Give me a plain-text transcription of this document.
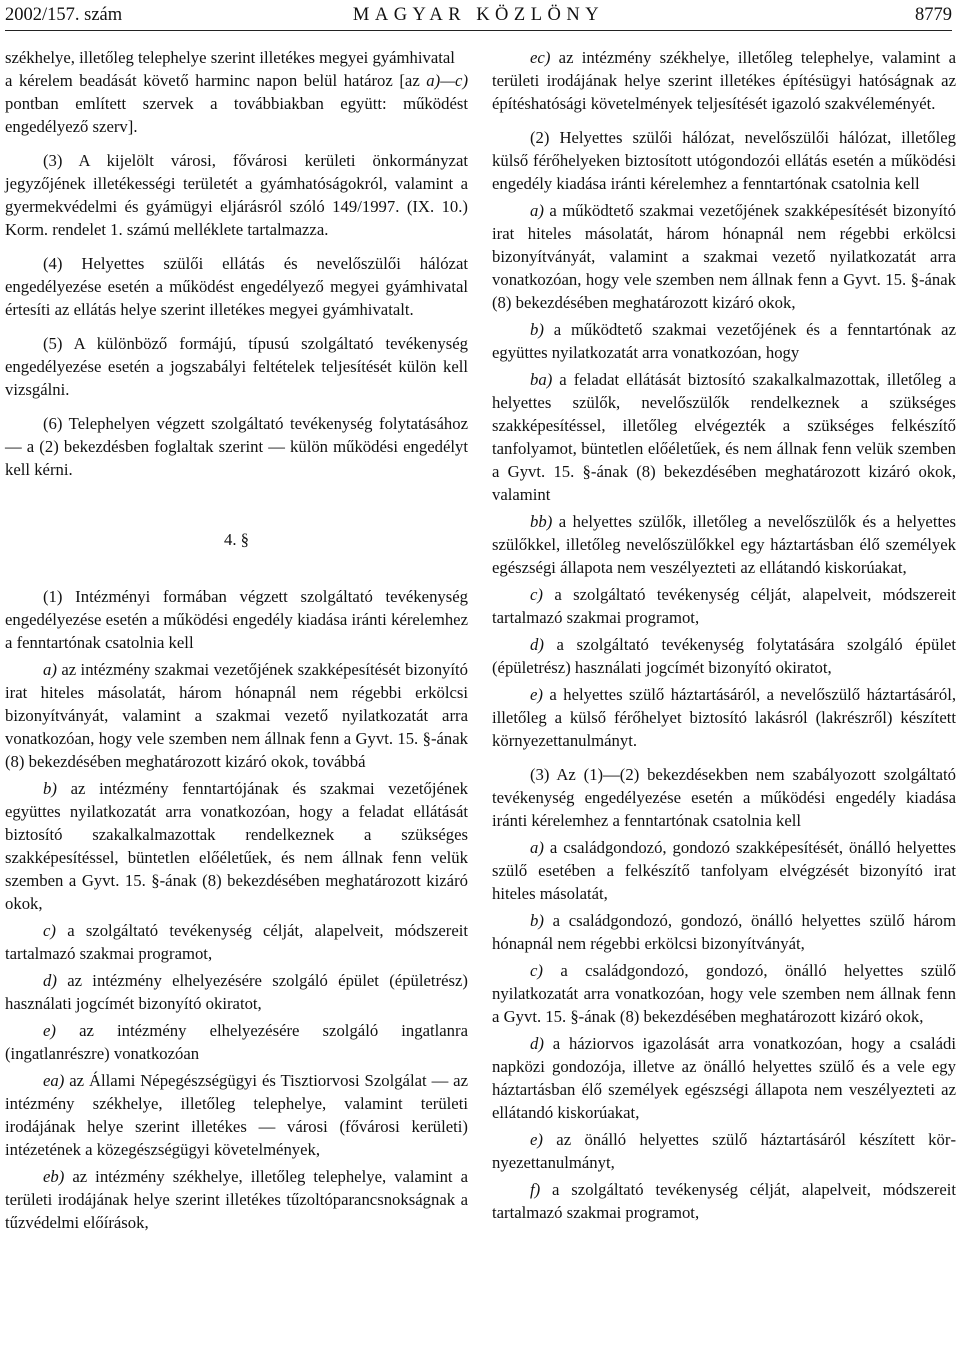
2002/157. szám	MAGYAR KÖZLÖNY	8779

székhelye, illetőleg telephelye szerint illetékes megyei gyámhivatal

a kérelem beadását követő harminc napon belül határoz [az a)—c) pontban említett szervek a továbbiakban együtt: működést engedélyező szerv].

(3) A kijelölt városi, fővárosi kerületi önkormányzat jegyzőjének illetékességi területét a gyámhatóságokról, valamint a gyermekvédelmi és gyámügyi eljárásról szóló 149/1997. (IX. 10.) Korm. rendelet 1. számú melléklete tartalmazza.

(4) Helyettes szülői ellátás és nevelőszülői hálózat engedélyezése esetén a működést engedélyező megyei gyámhivatal értesíti az ellátás helye szerint illetékes megyei gyámhivatalt.

(5) A különböző formájú, típusú szolgáltató tevékenység engedélyezése esetén a jogszabályi feltételek teljesítését külön kell vizsgálni.

(6) Telephelyen végzett szolgáltató tevékenység folytatásához — a (2) bekezdésben foglaltak szerint — külön működési engedélyt kell kérni.

4. §

(1) Intézményi formában végzett szolgáltató tevékenység engedélyezése esetén a működési engedély kiadása iránti kérelemhez a fenntartónak csatolnia kell

a) az intézmény szakmai vezetőjének szakképesítését bizonyító irat hiteles másolatát, három hónapnál nem régebbi erkölcsi bizonyítványát, valamint a szakmai vezető nyilatkozatát arra vonatkozóan, hogy vele szemben nem állnak fenn a Gyvt. 15. §-ának (8) bekezdésében meghatározott kizáró okok, továbbá

b) az intézmény fenntartójának és szakmai vezetőjének együttes nyilatkozatát arra vonatkozóan, hogy a feladat ellátását biztosító szakalkalmazottak rendelkeznek a szükséges szakképesítéssel, büntetlen előéletűek, és nem állnak fenn velük szemben a Gyvt. 15. §-ának (8) bekezdésében meghatározott kizáró okok,

c) a szolgáltató tevékenység célját, alapelveit, módszereit tartalmazó szakmai programot,

d) az intézmény elhelyezésére szolgáló épület (épületrész) használati jogcímét bizonyító okiratot,

e) az intézmény elhelyezésére szolgáló ingatlanra (ingatlanrészre) vonatkozóan

ea) az Állami Népegészségügyi és Tisztiorvosi Szolgálat — az intézmény székhelye, illetőleg telephelye, valamint területi irodájának helye szerint illetékes — városi (fővárosi kerületi) intézetének a közegészségügyi követelmények,

eb) az intézmény székhelye, illetőleg telephelye, valamint a területi irodájának helye szerint illetékes tűzoltóparancsnokságnak a tűzvédelmi előírások,

ec) az intézmény székhelye, illetőleg telephelye, valamint a területi irodájának helye szerint illetékes építésügyi hatóságnak az építéshatósági követelmények teljesítését igazoló szakvéleményét.

(2) Helyettes szülői hálózat, nevelőszülői hálózat, illetőleg külső férőhelyeken biztosított utógondozói ellátás esetén a működési engedély kiadása iránti kérelemhez a fenntartónak csatolnia kell

a) a működtető szakmai vezetőjének szakképesítését bizonyító irat hiteles másolatát, három hónapnál nem régebbi erkölcsi bizonyítványát, valamint a szakmai vezető nyilatkozatát arra vonatkozóan, hogy vele szemben nem állnak fenn a Gyvt. 15. §-ának (8) bekezdésében meghatározott kizáró okok,

b) a működtető szakmai vezetőjének és a fenntartónak az együttes nyilatkozatát arra vonatkozóan, hogy

ba) a feladat ellátását biztosító szakalkalmazottak, illetőleg a helyettes szülők, nevelőszülők rendelkeznek a szükséges szakképesítéssel, illetőleg elvégezték a szükséges felkészítő tanfolyamot, büntetlen előéletűek, és nem állnak fenn velük szemben a Gyvt. 15. §-ának (8) bekezdésében meghatározott kizáró okok, valamint

bb) a helyettes szülők, illetőleg a nevelőszülők és a helyettes szülőkkel, illetőleg nevelőszülőkkel egy háztartásban élő személyek egészségi állapota nem veszélyezteti az ellátandó kiskorúakat,

c) a szolgáltató tevékenység célját, alapelveit, módszereit tartalmazó szakmai programot,

d) a szolgáltató tevékenység folytatására szolgáló épület (épületrész) használati jogcímét bizonyító okiratot,

e) a helyettes szülő háztartásáról, a nevelőszülő háztartásáról, illetőleg a külső férőhelyet biztosító lakásról (lakrészről) készített környezettanulmányt.

(3) Az (1)—(2) bekezdésekben nem szabályozott szolgáltató tevékenység engedélyezése esetén a működési engedély kiadása iránti kérelemhez a fenntartónak csatolnia kell

a) a családgondozó, gondozó szakképesítését, önálló helyettes szülő esetében a felkészítő tanfolyam elvégzését bizonyító irat hiteles másolatát,

b) a családgondozó, gondozó, önálló helyettes szülő három hónapnál nem régebbi erkölcsi bizonyítványát,

c) a családgondozó, gondozó, önálló helyettes szülő nyilatkozatát arra vonatkozóan, hogy vele szemben nem állnak fenn a Gyvt. 15. §-ának (8) bekezdésében meghatározott kizáró okok,

d) a háziorvos igazolását arra vonatkozóan, hogy a családi napközi gondozója, illetve az önálló helyettes szülő és a vele egy háztartásban élő személyek egészségi állapota nem veszélyezteti az ellátandó kiskorúakat,

e) az önálló helyettes szülő háztartásáról készített környezettanulmányt,

f) a szolgáltató tevékenység célját, alapelveit, módszereit tartalmazó szakmai programot,
